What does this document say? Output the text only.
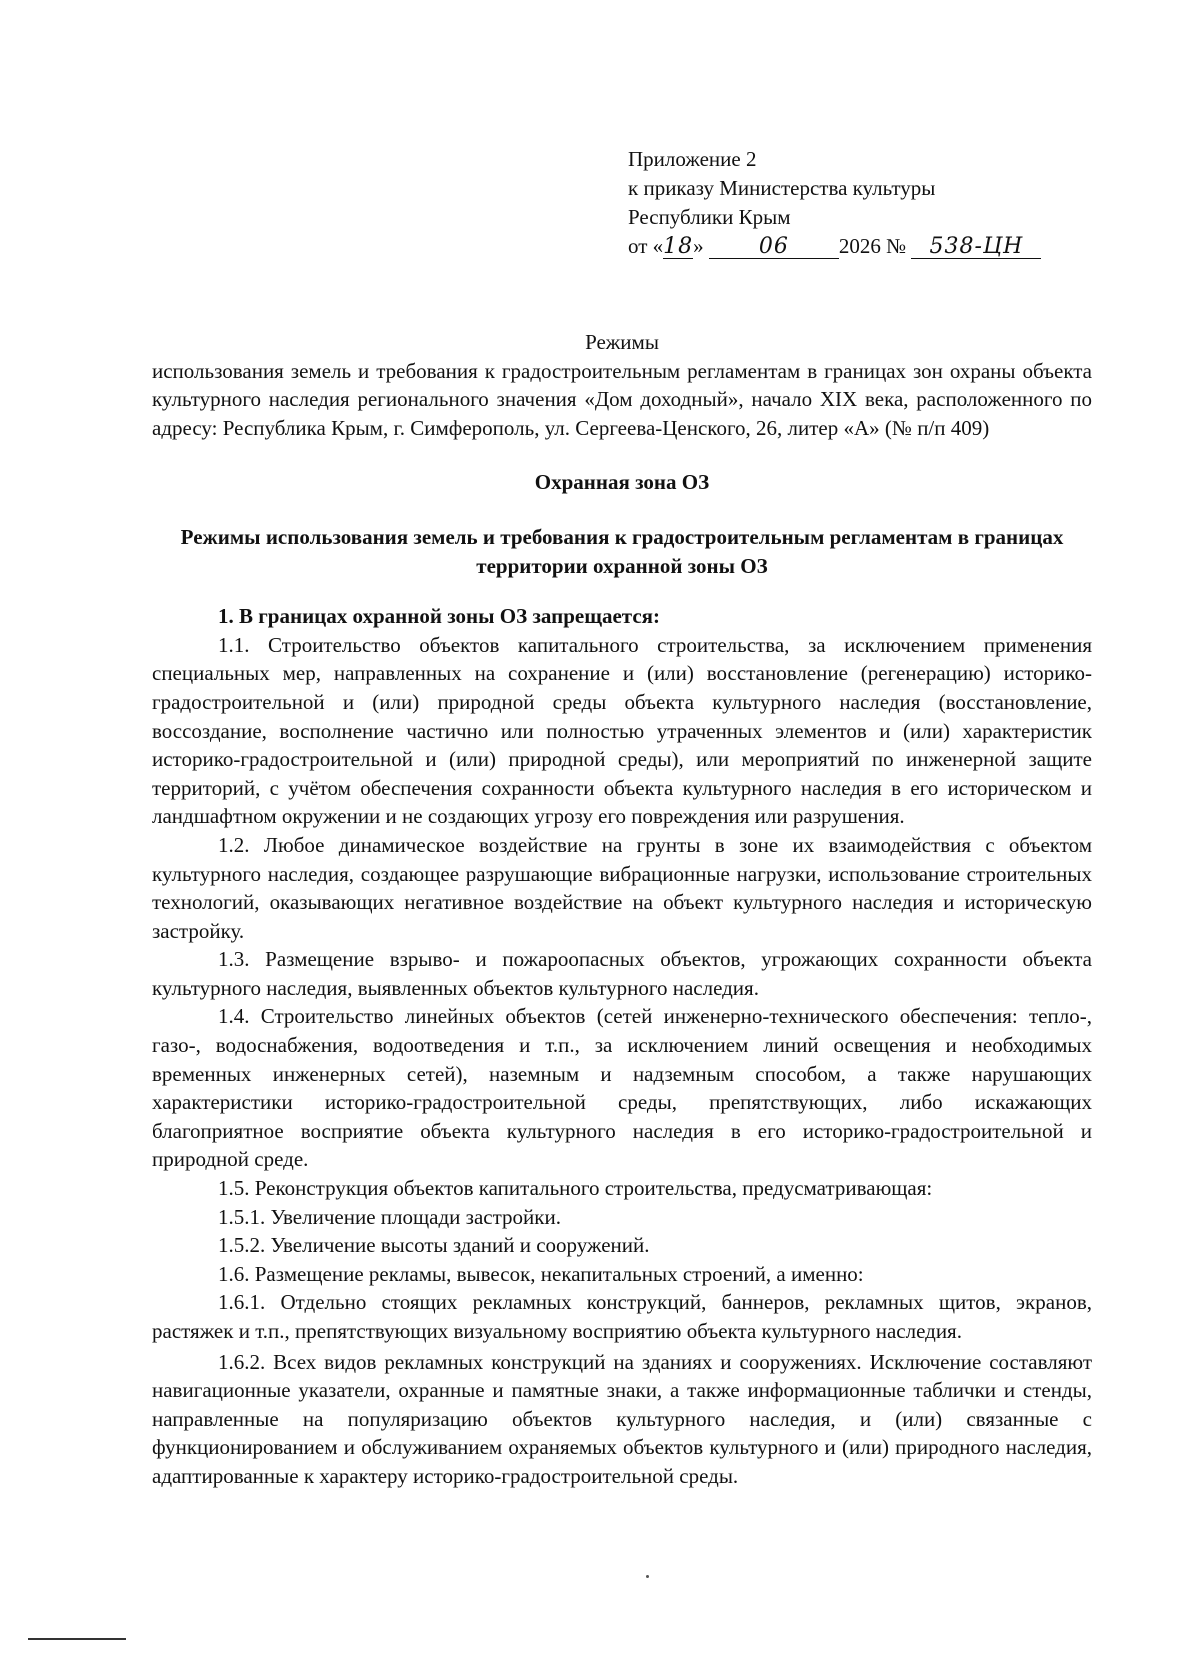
Приложение 2
к приказу Министерства культуры
Республики Крым
от «18»	06 2026 № 538-ЦН

Режимы

использования земель и требования к градостроительным регламентам в границах зон охраны объекта культурного наследия регионального значения «Дом доходный», начало XIX века, расположенного по адресу: Республика Крым, г. Симферополь, ул. Сергеева-Ценского, 26, литер «А» (№ п/п 409)

Охранная зона ОЗ

Режимы использования земель и требования к градостроительным регламентам в границах территории охранной зоны ОЗ

1. В границах охранной зоны ОЗ запрещается:

1.1. Строительство объектов капитального строительства, за исключением применения специальных мер, направленных на сохранение и (или) восстановление (регенерацию) историко-градостроительной и (или) природной среды объекта культурного наследия (восстановление, воссоздание, восполнение частично или полностью утраченных элементов и (или) характеристик историко-градостроительной и (или) природной среды), или мероприятий по инженерной защите территорий, с учётом обеспечения сохранности объекта культурного наследия в его историческом и ландшафтном окружении и не создающих угрозу его повреждения или разрушения.

1.2. Любое динамическое воздействие на грунты в зоне их взаимодействия с объектом культурного наследия, создающее разрушающие вибрационные нагрузки, использование строительных технологий, оказывающих негативное воздействие на объект культурного наследия и историческую застройку.

1.3. Размещение взрыво- и пожароопасных объектов, угрожающих сохранности объекта культурного наследия, выявленных объектов культурного наследия.

1.4. Строительство линейных объектов (сетей инженерно-технического обеспечения: тепло-, газо-, водоснабжения, водоотведения и т.п., за исключением линий освещения и необходимых временных инженерных сетей), наземным и надземным способом, а также нарушающих характеристики историко-градостроительной среды, препятствующих, либо искажающих благоприятное восприятие объекта культурного наследия в его историко-градостроительной и природной среде.

1.5. Реконструкция объектов капитального строительства, предусматривающая:

1.5.1. Увеличение площади застройки.

1.5.2. Увеличение высоты зданий и сооружений.

1.6. Размещение рекламы, вывесок, некапитальных строений, а именно:

1.6.1. Отдельно стоящих рекламных конструкций, баннеров, рекламных щитов, экранов, растяжек и т.п., препятствующих визуальному восприятию объекта культурного наследия.

1.6.2. Всех видов рекламных конструкций на зданиях и сооружениях. Исключение составляют навигационные указатели, охранные и памятные знаки, а также информационные таблички и стенды, направленные на популяризацию объектов культурного наследия, и (или) связанные с функционированием и обслуживанием охраняемых объектов культурного и (или) природного наследия, адаптированные к характеру историко-градостроительной среды.
